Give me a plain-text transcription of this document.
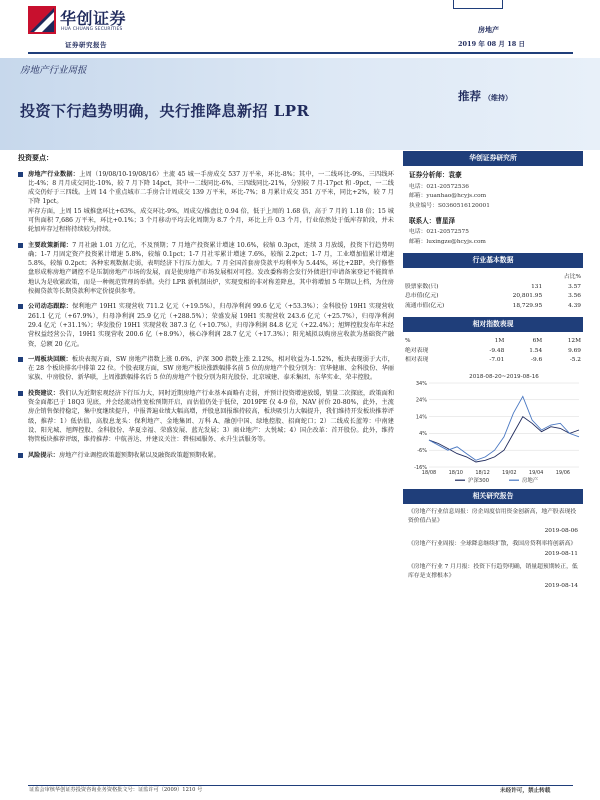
华创证券
HUA CHUANG SECURITIES	房地产
证券研究报告	2019 年 08 月 18 日
房地产行业周报
投资下行趋势明确，央行推降息新招 LPR
推荐 （维持）
投资要点：
房地产行业数据：上周（19/08/10-19/08/16）主流 45 城一手房成交 537 万平米，环比-8%；其中，一二线环比-9%、三四线环比-4%；8 月月成交同比-10%，较 7 月下降 14pct，其中一二线同比-6%、三四线同比-21%，分别较 7 月-17pct 和 -9pct，一二线成交仍好于三四线。上周 14 个重点城市二手房合计周成交 139 万平米，环比-7%；8 月累计成交 351 万平米，同比+2%，较 7 月下降 1pct。
库存方面，上周 15 城推盘环比+63%，成交环比-9%，周成交/推盘比 0.94 倍，低于上周的 1.68 倍，高于 7 月的 1.18 倍；15 城可售面积 7,686 万平米，环比+0.1%；3 个月移动平均去化周期为 8.7 个月，环比上升 0.3 个月，行业依然处于低库存阶段，并未轮加库存过程将持续较为持续。
主要政策新闻：7 月社融 1.01 万亿元，不及预期；7 月地产投资累计增速 10.6%，较缩 0.3pct，连续 3 月放缓，投资下行趋势明确；1-7 月固定资产投资累计增速 5.8%，较缩 0.1pct；1-7 月社零累计增速 7.6%，较缩 2.2pct；1-7 月，工业增加值累计增速 5.8%，较缩 0.2pct；各种宏观数据走弱，表明经济下行压力加大。7 月全国首套房贷款平均利率为 5.44%，环比+2BP。央行修整盘形成称房地产调控不是压制房地产市场的发展，而是使房地产市场发展相对可控。发改委称将会发行外债进行申请备案登记不能简单地认为是收紧政策，而是一种规范管理的举措。央行 LPR 新机制出炉，实现变相的非对称差降息，其中将增加 5 年期以上档，为住房按揭贷款等长期贷款利率定价提供参考。
公司动态跟踪：保利地产 19H1 实现营收 711.2 亿元（+19.5%），归母净利润 99.6 亿元（+53.3%）；金科股份 19H1 实现营收 261.1 亿元（+67.9%），归母净利润 25.9 亿元（+288.5%）；荣盛发展 19H1 实现营收 243.6 亿元（+25.7%），归母净利润 29.4 亿元（+31.1%）；华发股份 19H1 实现营收 387.3 亿（+10.7%），归母净利润 84.8 亿元（+22.4%）；旭辉控股发布年末经营权益经营公告，19H1 实现营收 200.6 亿（+8.9%），核心净利润 28.7 亿元（+17.3%）；阳光城拟以购房应收款为基础资产融资，总额 20 亿元。
一周板块回顾：板块表现方面，SW 房地产指数上涨 0.6%，沪深 300 指数上涨 2.12%，相对收益为-1.52%，板块表现弱于大市，在 28 个板块排名中排第 22 位。个股表现方面，SW 房地产板块涨跌幅排名前 5 位的房地产个股分别为：宜华健康、金科股份、华丽家族、中房股份、新华联，上周涨跌幅排名后 5 位的房地产个股分别为阳光股份、北京城建、泰禾集团、东华实业、荣丰控股。
投资建议：我们认为近期宏观经济下行压力大，同时近期房地产行业基本面略有走弱，并预计投资增速放缓，销量二次探底，政策面和资金面都已于 18Q3 见底，并会经流动性宽松预期开启，而估值仍处于低位，2019PE 仅 4-9 倍，NAV 折价 20-80%，此外，主流房企销售保持稳定，集中度继续提升，中报普遍业绩大幅高增，并股息回报维持较高，板块吸引力大幅提升，我们维持开发板块推荐评级，推荐：1）低估值，高股息龙头：保利地产、金地集团、万科 A、融创中国、绿地控股、招商蛇口；2）二线成长蓝筹：中南建设、阳光城、旭辉控股、金科股份、华夏幸福、荣盛发展、蓝光发展；3）商业地产：大悦城；4）国企改革：首开股份。此外，维持物管板块推荐评级，维持推荐：中航善达、并建议关注：碧桂园服务、永升生活服务等。
风险提示：房地产行业调控政策超预期收紧以及融资政策超预期收紧。
华创证券研究所
证券分析师：袁豪
电话：021-20572536
邮箱：yuanhao@hcyjs.com
执业编号：S0360516120001
联系人：曹星泽
电话：021-20572575
邮箱：luxingze@hcyjs.com
行业基本数据
		占比%
股票家数(只)	131	3.57
总市值(亿元)	20,801.95	3.56
流通市值(亿元)	18,729.95	4.39
相对指数表现
%	1M	6M	12M
绝对表现	-9.48	1.54	9.69
相对表现	-7.01	-9.6	-5.2
2018-08-20~2019-08-16
34%
24%
14%
4%
-6%
-16%
18/08 18/10 18/12 19/02 19/04 19/06
沪深300	房地产
相关研究报告
《房地产行业信息周报：房企周度信用资金创新高，地产股表现投资价值凸显》
2019-08-06
《房地产行业周报：全球降息继续扩散，我国房贷利率将创新高》
2019-08-11
《房地产行业 7 月月报：投资下行趋势明确，销量超预期转正，低库存是支撑根本》
2019-08-14
证监会审核华创证券投资咨询业务资格批文号：证监许可（2009）1210 号	未经许可，禁止转载
